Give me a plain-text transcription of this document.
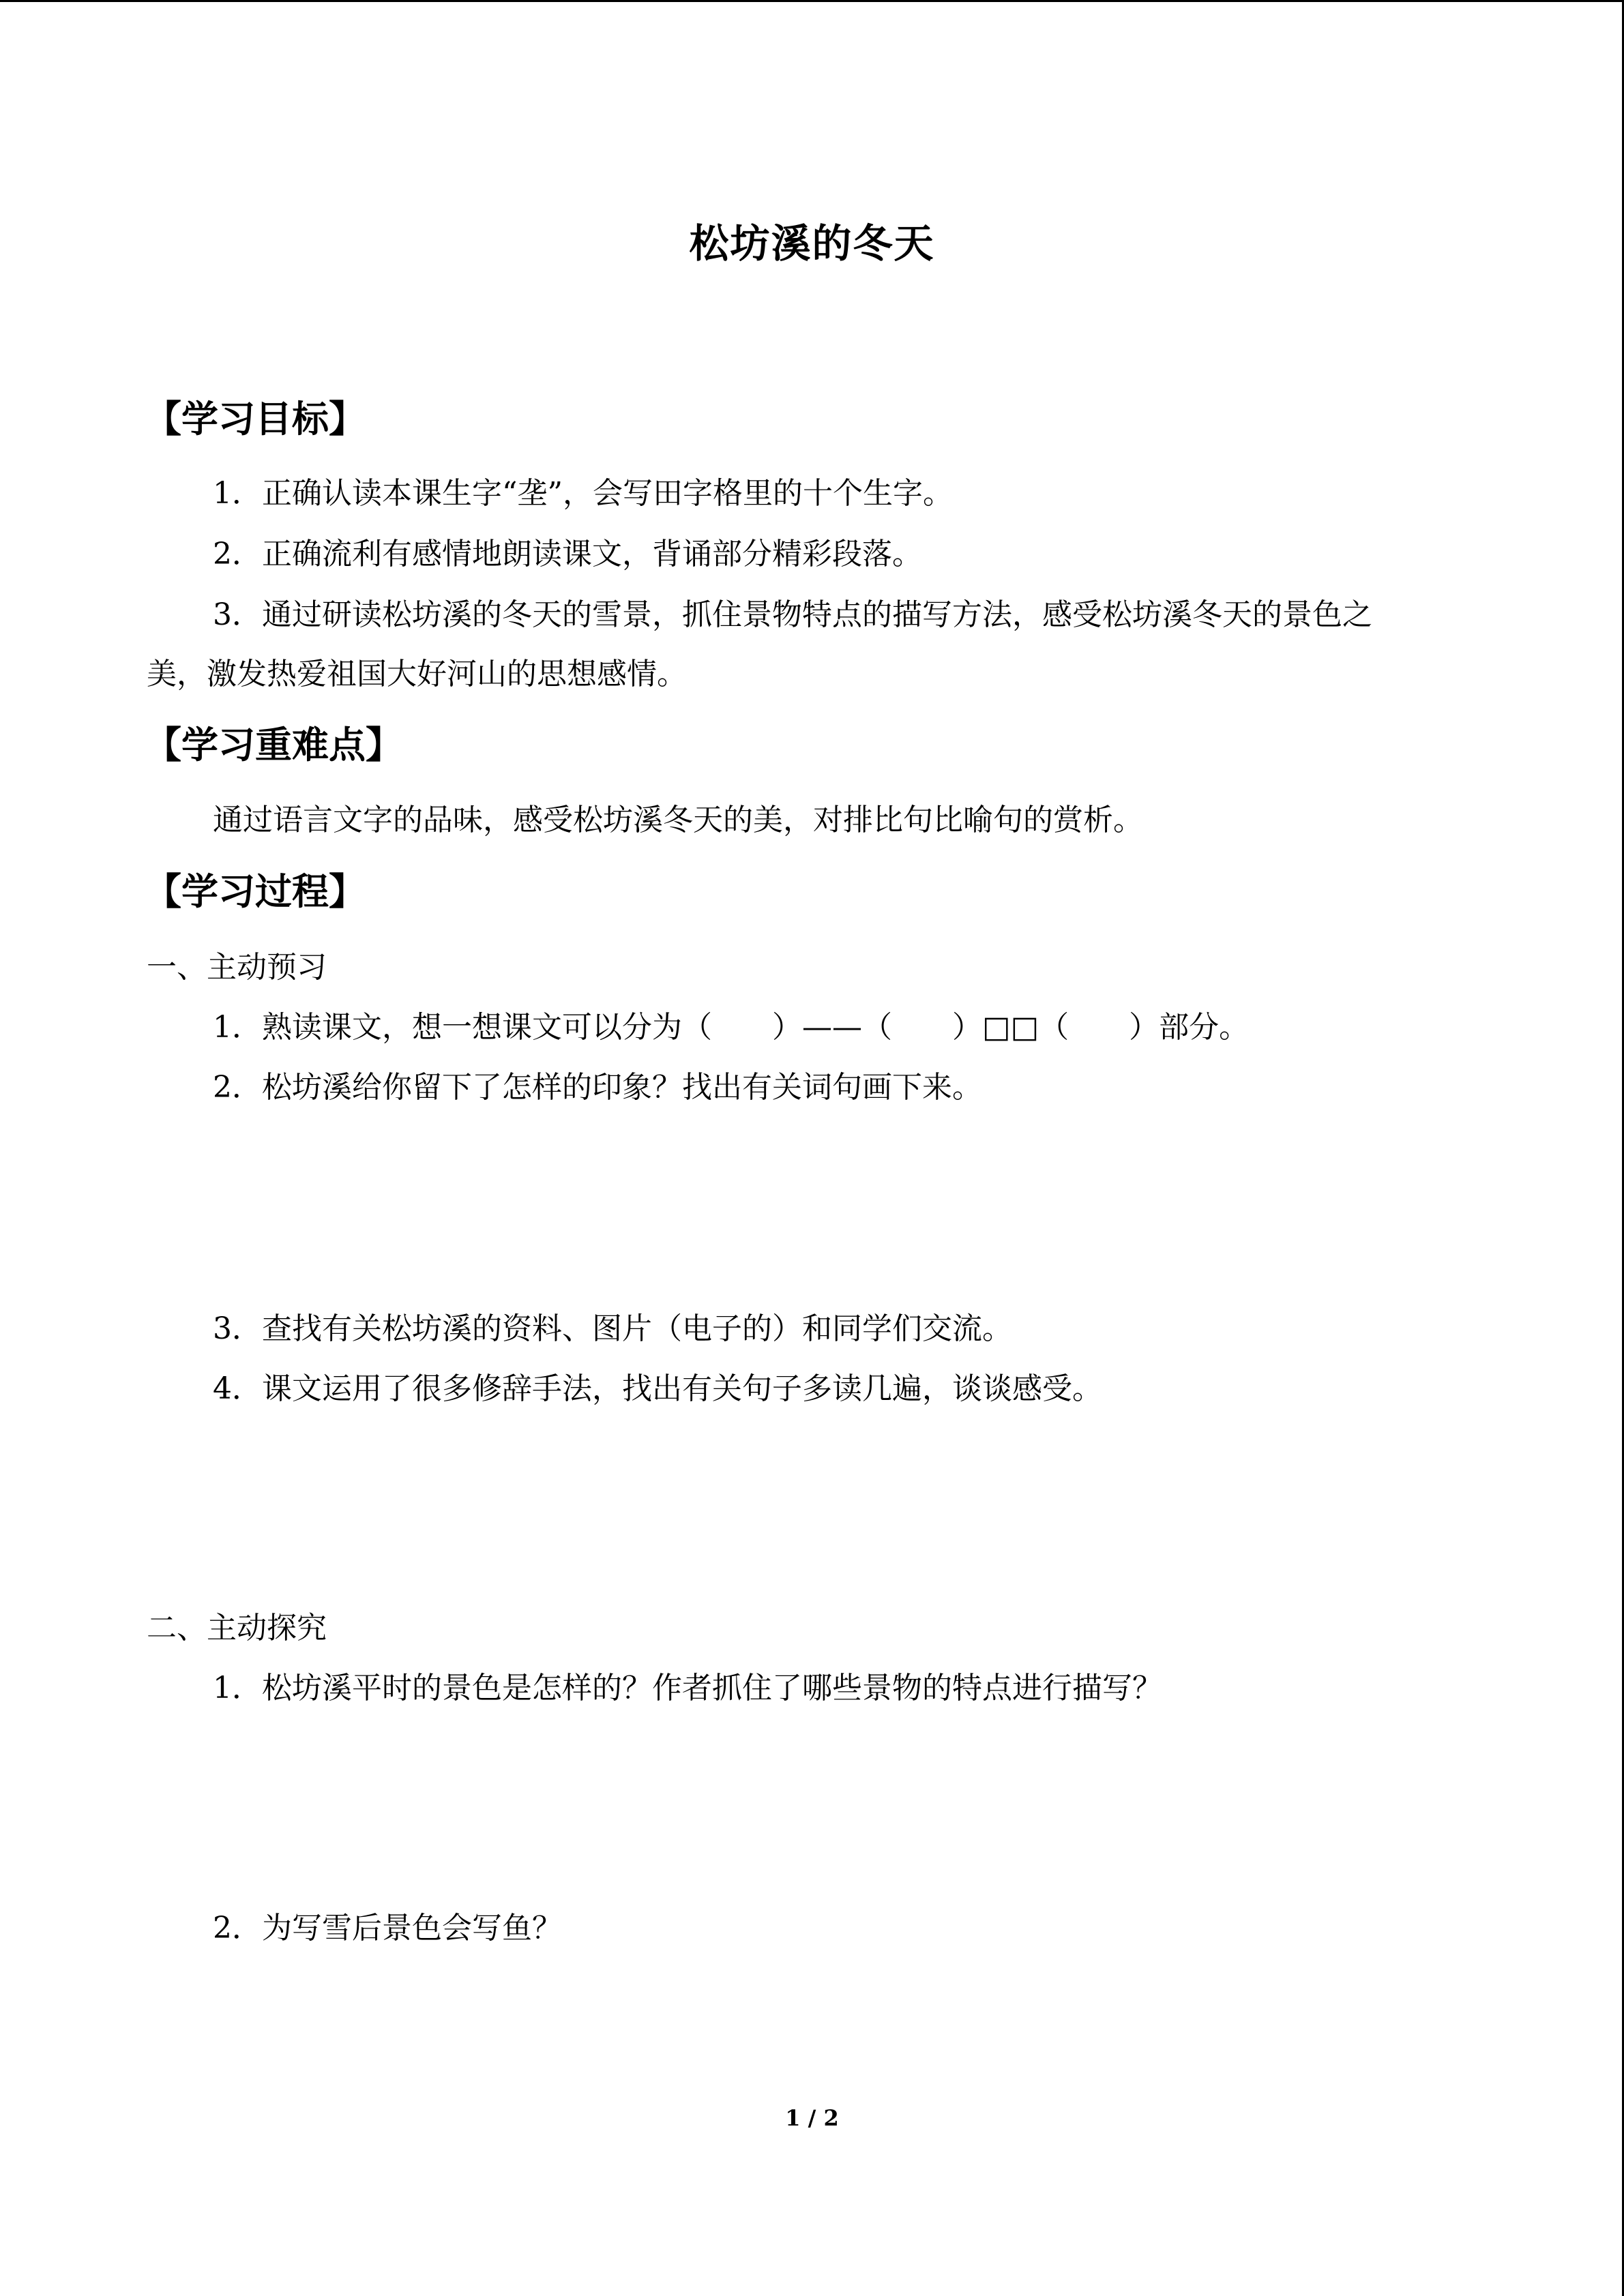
松坊溪的冬天
【学习目标】
1．正确认读本课生字“垄”，会写田字格里的十个生字。
2．正确流利有感情地朗读课文，背诵部分精彩段落。
3．通过研读松坊溪的冬天的雪景，抓住景物特点的描写方法，感受松坊溪冬天的景色之
美，激发热爱祖国大好河山的思想感情。
【学习重难点】
通过语言文字的品味，感受松坊溪冬天的美，对排比句比喻句的赏析。
【学习过程】
一、主动预习
1．熟读课文，想一想课文可以分为（　　）——（　　）□□（　　）部分。
2．松坊溪给你留下了怎样的印象？找出有关词句画下来。
3．查找有关松坊溪的资料、图片（电子的）和同学们交流。
4．课文运用了很多修辞手法，找出有关句子多读几遍，谈谈感受。
二、主动探究
1．松坊溪平时的景色是怎样的？作者抓住了哪些景物的特点进行描写？
2．为写雪后景色会写鱼？
1 / 2
